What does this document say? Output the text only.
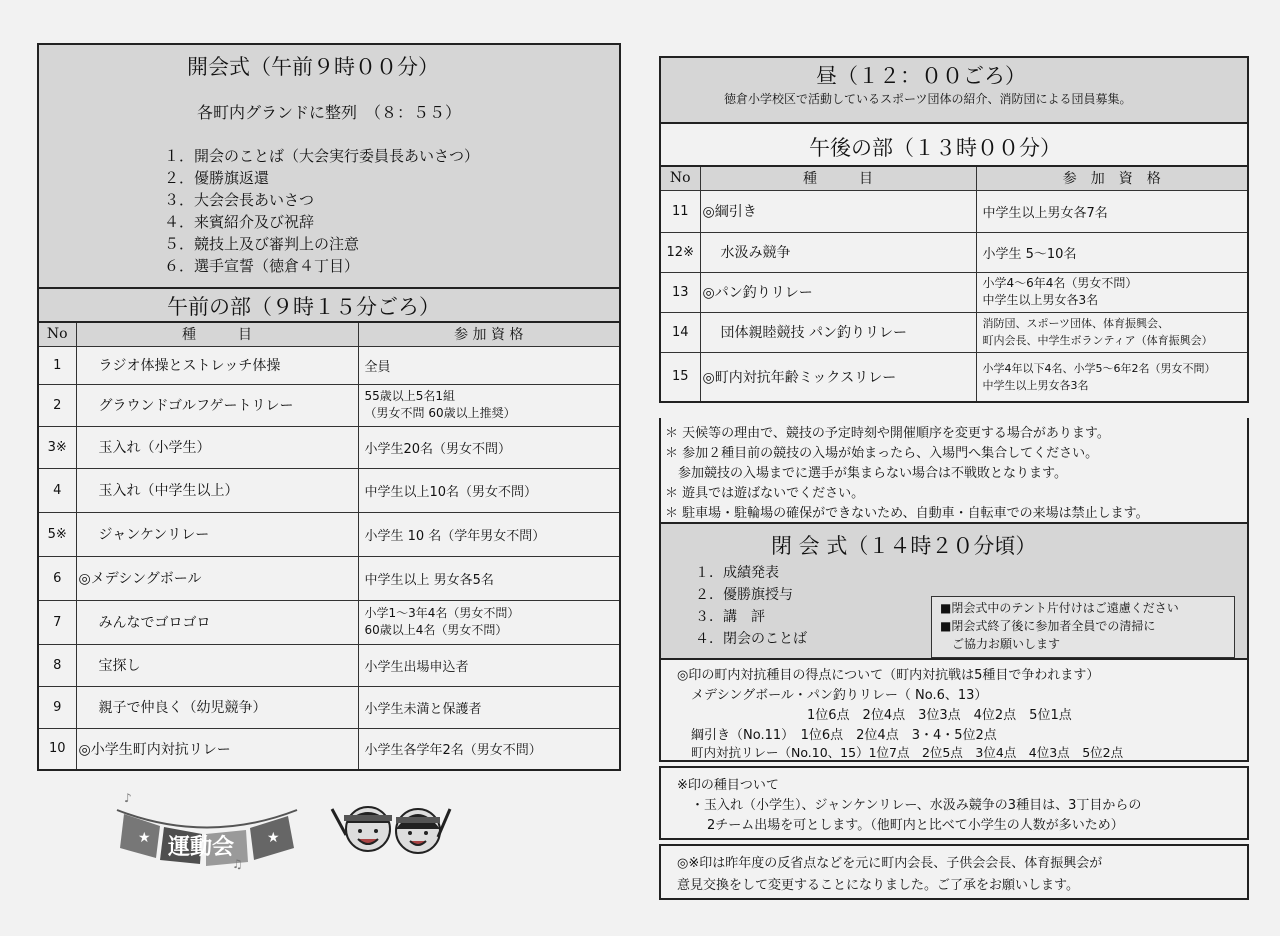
開会式（午前９時００分）
各町内グランドに整列　（８：５５）
１．開会のことば（大会実行委員長あいさつ）
２．優勝旗返還
３．大会会長あいさつ
４．来賓紹介及び祝辞
５．競技上及び審判上の注意
６．選手宣誓（徳倉４丁目）
午前の部（９時１５分ごろ）
No	種　　　目	参 加 資 格
1	ラジオ体操とストレッチ体操	全員
2	グラウンドゴルフゲートリレー	55歳以上5名1組
（男女不問 60歳以上推奨）
3※	玉入れ（小学生）	小学生20名（男女不問）
4	玉入れ（中学生以上）	中学生以上10名（男女不問）
5※	ジャンケンリレー	小学生 10 名（学年男女不問）
6	◎メデシングボール	中学生以上 男女各5名
7	みんなでゴロゴロ	小学1～3年4名（男女不問）
60歳以上4名（男女不問）
8	宝探し	小学生出場申込者
9	親子で仲良く（幼児競争）	小学生未満と保護者
10	◎小学生町内対抗リレー	小学生各学年2名（男女不問）
★	★
運動会
♪
♫
昼（１２：００ごろ）
徳倉小学校区で活動しているスポーツ団体の紹介、消防団による団員募集。
午後の部（１３時００分）
No	種　　　目	参　加　資　格
11	◎綱引き	中学生以上男女各7名
12※	水汲み競争	小学生 5～10名
13	◎パン釣りリレー	小学4～6年4名（男女不問）
中学生以上男女各3名
14	団体親睦競技 パン釣りリレー	消防団、スポーツ団体、体育振興会、
町内会長、中学生ボランティア（体育振興会）
15	◎町内対抗年齢ミックスリレー	小学4年以下4名、小学5～6年2名（男女不問）
中学生以上男女各3名
＊ 天候等の理由で、競技の予定時刻や開催順序を変更する場合があります。
＊ 参加２種目前の競技の入場が始まったら、入場門へ集合してください。
　参加競技の入場までに選手が集まらない場合は不戦敗となります。
＊ 遊具では遊ばないでください。
＊ 駐車場・駐輪場の確保ができないため、自動車・自転車での来場は禁止します。
閉 会 式（１４時２０分頃）
１．成績発表
２．優勝旗授与
３．講　評
４．閉会のことば
■閉会式中のテント片付けはご遠慮ください
■閉会式終了後に参加者全員での清掃に
　ご協力お願いします
◎印の町内対抗種目の得点について（町内対抗戦は5種目で争われます）
メデシングボール・パン釣りリレー（ No.6、13）
1位6点　2位4点　3位3点　4位2点　5位1点
綱引き（No.11）　1位6点　2位4点　3・4・5位2点
町内対抗リレー（No.10、15）1位7点　2位5点　3位4点　4位3点　5位2点
※印の種目ついて
・玉入れ（小学生）、ジャンケンリレー、水汲み競争の3種目は、3丁目からの
2チーム出場を可とします。（他町内と比べて小学生の人数が多いため）
◎※印は昨年度の反省点などを元に町内会長、子供会会長、体育振興会が
意見交換をして変更することになりました。ご了承をお願いします。
